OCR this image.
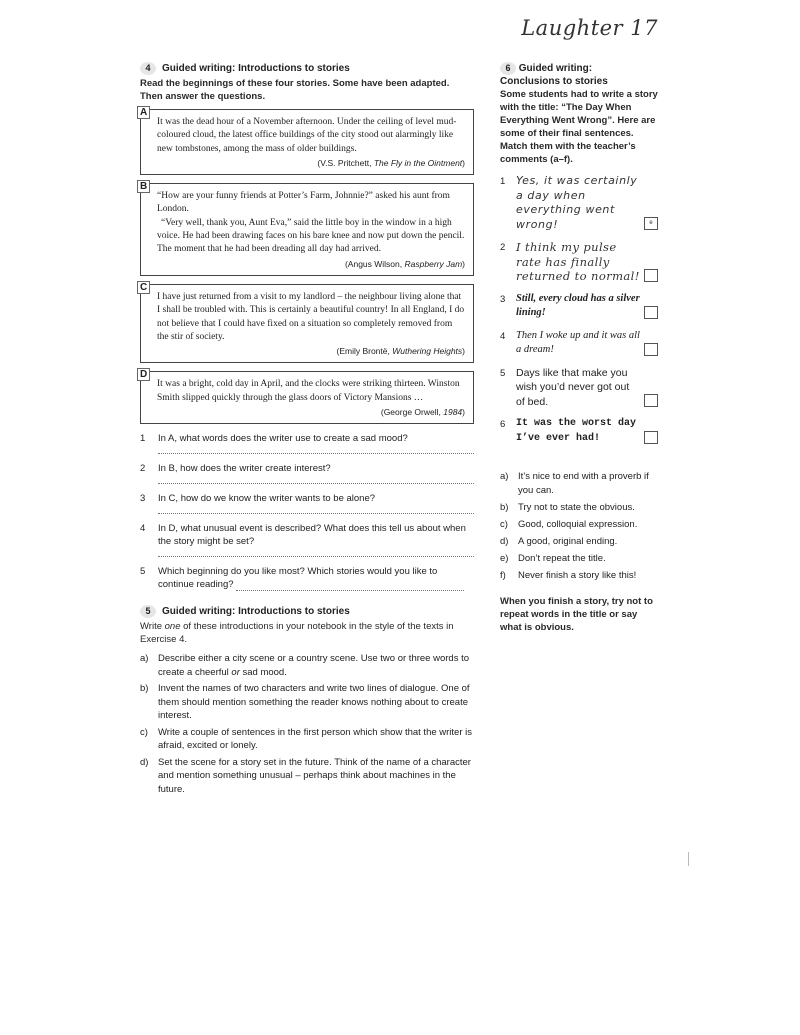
Laughter 17
4	Guided writing: Introductions to stories
Read the beginnings of these four stories. Some have been adapted. Then answer the questions.
A
It was the dead hour of a November afternoon. Under the ceiling of level mud-coloured cloud, the latest office buildings of the city stood out alarmingly like new tombstones, among the mass of older buildings.
(V.S. Pritchett, The Fly in the Ointment)
B
“How are your funny friends at Potter’s Farm, Johnnie?” asked his aunt from London.
“Very well, thank you, Aunt Eva,” said the little boy in the window in a high voice. He had been drawing faces on his bare knee and now put down the pencil. The moment that he had been dreading all day had arrived.
(Angus Wilson, Raspberry Jam)
C
I have just returned from a visit to my landlord – the neighbour living alone that I shall be troubled with. This is certainly a beautiful country! In all England, I do not believe that I could have fixed on a situation so completely removed from the stir of society.
(Emily Brontë, Wuthering Heights)
D
It was a bright, cold day in April, and the clocks were striking thirteen. Winston Smith slipped quickly through the glass doors of Victory Mansions …
(George Orwell, 1984)
1	In A, what words does the writer use to create a sad mood?
2	In B, how does the writer create interest?
3	In C, how do we know the writer wants to be alone?
4	In D, what unusual event is described? What does this tell us about when the story might be set?
5	Which beginning do you like most? Which stories would you like to continue reading?
5	Guided writing: Introductions to stories
Write one of these introductions in your notebook in the style of the texts in Exercise 4.
a)	Describe either a city scene or a country scene. Use two or three words to create a cheerful or sad mood.
b)	Invent the names of two characters and write two lines of dialogue. One of them should mention something the reader knows nothing about to create interest.
c)	Write a couple of sentences in the first person which show that the writer is afraid, excited or lonely.
d)	Set the scene for a story set in the future. Think of the name of a character and mention something unusual – perhaps think about machines in the future.
6 Guided writing:
Conclusions to stories
Some students had to write a story with the title: “The Day When Everything Went Wrong”. Here are some of their final sentences. Match them with the teacher’s comments (a–f).
1 Yes, it was certainly a day when everything went wrong!	e
2 I think my pulse rate has finally returned to normal!
3	Still, every cloud has a silver lining!
4	Then I woke up and it was all a dream!
5	Days like that make you wish you’d never got out of bed.
6	It was the worst day I’ve ever had!
a)	It’s nice to end with a proverb if you can.
b)	Try not to state the obvious.
c)	Good, colloquial expression.
d)	A good, original ending.
e)	Don’t repeat the title.
f)	Never finish a story like this!
When you finish a story, try not to repeat words in the title or say what is obvious.
